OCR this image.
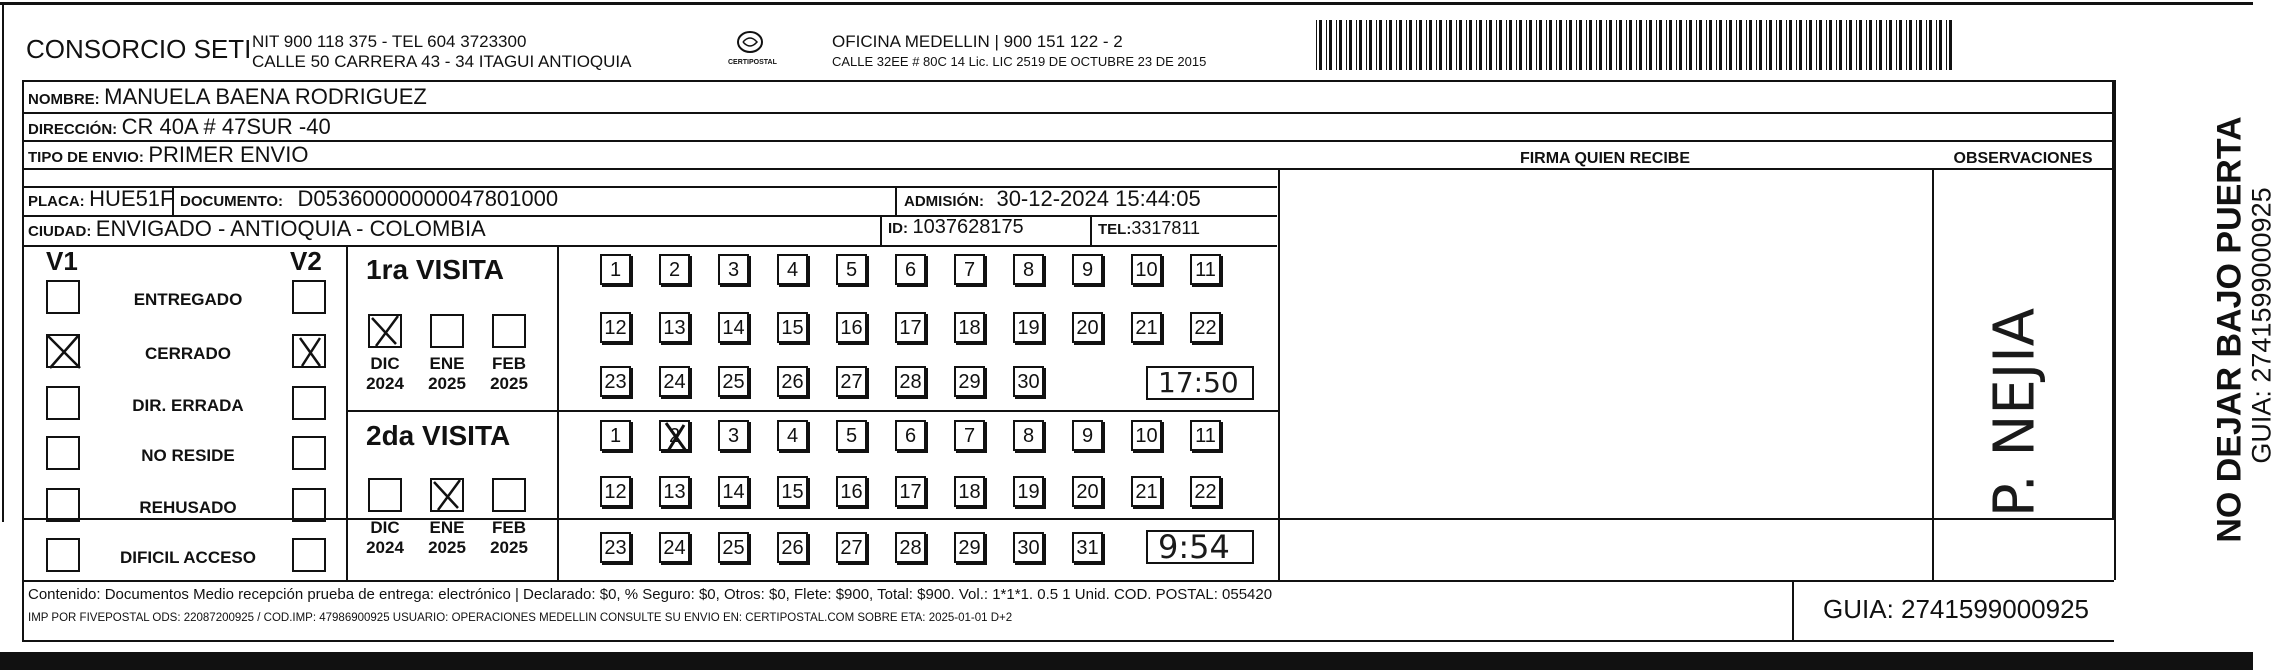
CONSORCIO SETI NIT 900 118 375 - TEL 604 3723300
CALLE 50 CARRERA 43 - 34 ITAGUI ANTIOQUIA	CERTIPOSTAL
OFICINA MEDELLIN | 900 151 122 - 2
CALLE 32EE # 80C 14 Lic. LIC 2519 DE OCTUBRE 23 DE 2015
NOMBRE: MANUELA BAENA RODRIGUEZ
DIRECCIÓN: CR 40A # 47SUR -40
TIPO DE ENVIO: PRIMER ENVIO
PLACA: HUE51F DOCUMENTO: D05360000000047801000	ADMISIÓN: 30-12-2024 15:44:05
CIUDAD: ENVIGADO - ANTIOQUIA - COLOMBIA	ID: 1037628175	TEL:3317811
FIRMA QUIEN RECIBE	OBSERVACIONES
V1	V2
ENTREGADO
CERRADO
DIR. ERRADA
NO RESIDE
REHUSADO
DIFICIL ACCESO
1ra VISITA
DIC
2024
ENE
2025
FEB
2025
1	2	3	4	5	6	7	8	9	10 11
12 13 14 15 16 17 18 19 20 21 22
23 24 25 26 27 28 29 30
2da VISITA
DIC
2024
ENE
2025
FEB
2025
1	2	3	4	5	6	7	8	9	10 11
12 13 14 15 16 17 18 19 20 21 22
23 24 25 26 27 28 29 30 31
17:50
9:54
P. NEJIA	NO DEJAR BAJO PUERTA
GUIA: 2741599000925
Contenido: Documentos Medio recepción prueba de entrega: electrónico | Declarado: $0, % Seguro: $0, Otros: $0, Flete: $900, Total: $900. Vol.: 1*1*1. 0.5 1 Unid. COD. POSTAL: 055420
IMP POR FIVEPOSTAL ODS: 22087200925 / COD.IMP: 47986900925 USUARIO: OPERACIONES MEDELLIN CONSULTE SU ENVIO EN: CERTIPOSTAL.COM SOBRE ETA: 2025-01-01 D+2	GUIA: 2741599000925
